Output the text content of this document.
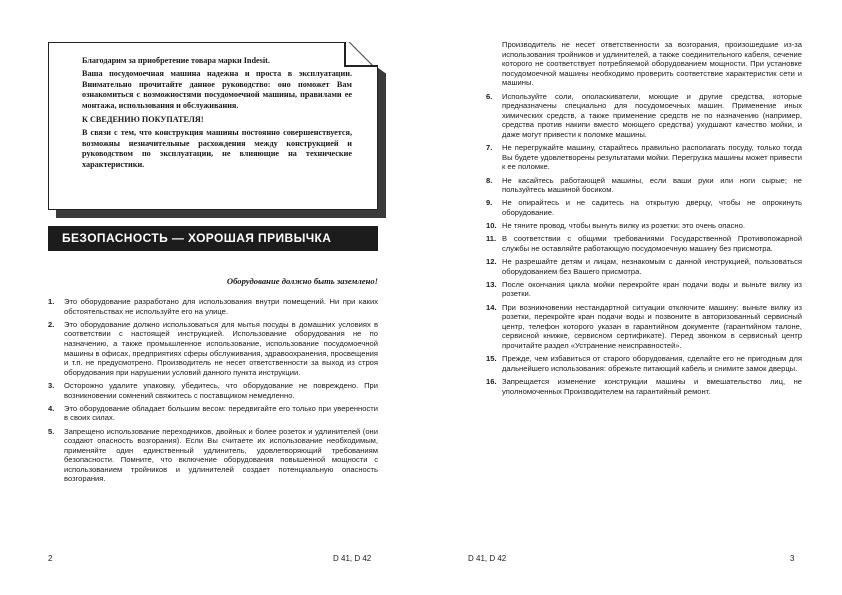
Благодарим за приобретение товара марки Indesit.

Ваша посудомоечная машина надежна и проста в эксплуатации. Внимательно прочитайте данное руководство: оно поможет Вам ознакомиться с возможностями посудомоечной машины, правилами ее монтажа, использования и обслуживания.

К СВЕДЕНИЮ ПОКУПАТЕЛЯ!

В связи с тем, что конструкция машины постоянно совершенствуется, возможны незначительные расхождения между конструкцией и руководством по эксплуатации, не влияющие на технические характеристики.

БЕЗОПАСНОСТЬ — ХОРОШАЯ ПРИВЫЧКА
Оборудование должно быть заземлено!
1. Это оборудование разработано для использования внутри помещений. Ни при каких обстоятельствах не используйте его на улице.
2. Это оборудование должно использоваться для мытья посуды в домашних условиях в соответствии с настоящей инструкцией. Использование оборудования не по назначению, а также промышленное использование, использование посудомоечной машины в офисах, предприятиях сферы обслуживания, здравоохранения, просвещения и т.п. не предусмотрено. Производитель не несет ответственности за выход из строя оборудования при нарушении условий данного пункта инструкции.
3. Осторожно удалите упаковку, убедитесь, что оборудование не повреждено. При возникновении сомнений свяжитесь с поставщиком немедленно.
4. Это оборудование обладает большим весом: передвигайте его только при уверенности в своих силах.
5. Запрещено использование переходников, двойных и более розеток и удлинителей (они создают опасность возгорания). Если Вы считаете их использование необходимым, применяйте один единственный удлинитель, удовлетворяющий требованиям безопасности. Помните, что включение оборудования повышенной мощности с использованием тройников и удлинителей создает потенциальную опасность возгорания.
Производитель не несет ответственности за возгорания, произошедшие из-за использования тройников и удлинителей, а также соединительного кабеля, сечение которого не соответствует потребляемой оборудованием мощности. При установке посудомоечной машины необходимо проверить соответствие характеристик сети и машины.
6. Используйте соли, ополаскиватели, моющие и другие средства, которые предназначены специально для посудомоечных машин. Применение иных химических средств, а также применение средств не по назначению (например, средства против накипи вместо моющего средства) ухудшают качество мойки, и даже могут привести к поломке машины.
7. Не перегружайте машину, старайтесь правильно располагать посуду, только тогда Вы будете удовлетворены результатами мойки. Перегрузка машины может привести к ее поломке.
8. Не касайтесь работающей машины, если ваши руки или ноги сырые; не пользуйтесь машиной босиком.
9. Не опирайтесь и не садитесь на открытую дверцу, чтобы не опрокинуть оборудование.
10. Не тяните провод, чтобы вынуть вилку из розетки: это очень опасно.
11. В соответствии с общими требованиями Государственной Противопожарной службы не оставляйте работающую посудомоечную машину без присмотра.
12. Не разрешайте детям и лицам, незнакомым с данной инструкцией, пользоваться оборудованием без Вашего присмотра.
13. После окончания цикла мойки перекройте кран подачи воды и выньте вилку из розетки.
14. При возникновении нестандартной ситуации отключите машину: выньте вилку из розетки, перекройте кран подачи воды и позвоните в авторизованный сервисный центр, телефон которого указан в гарантийном документе (гарантийном талоне, сервисной книжке, сервисном сертификате). Перед звонком в сервисный центр прочитайте раздел «Устранение неисправностей».
15. Прежде, чем избавиться от старого оборудования, сделайте его не пригодным для дальнейшего использования: обрежьте питающий кабель и снимите замок дверцы.
16. Запрещается изменение конструкции машины и вмешательство лиц, не уполномоченных Производителем на гарантийный ремонт.
2	D 41, D 42	D 41, D 42	3
